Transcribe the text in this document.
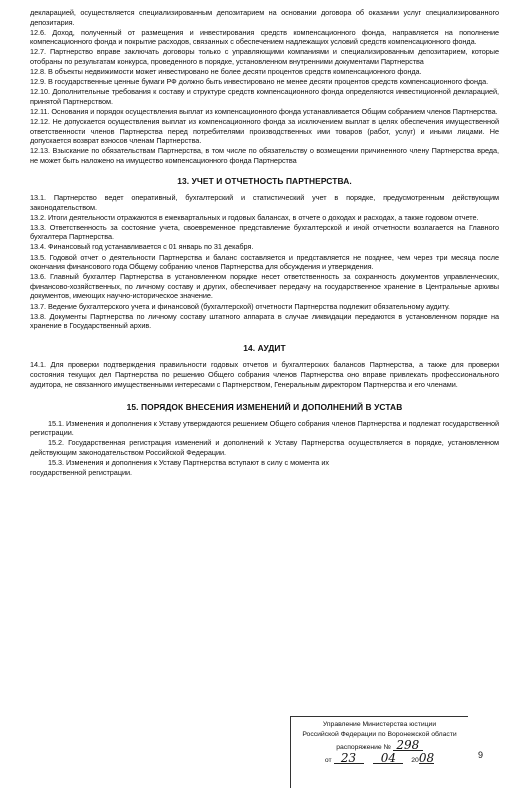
декларацией, осуществляется специализированным депозитарием на основании договора об оказании услуг специализированного депозитария.

12.6. Доход, полученный от размещения и инвестирования средств компенсационного фонда, направляется на пополнение компенсационного фонда и покрытие расходов, связанных с обеспечением надлежащих условий средств компенсационного фонда.

12.7. Партнерство вправе заключать договоры только с управляющими компаниями и специализированным депозитарием, которые отобраны по результатам конкурса, проведенного в порядке, установленном внутренними документами Партнерства

12.8. В объекты недвижимости может инвестировано не более десяти процентов средств компенсационного фонда.

12.9. В государственные ценные бумаги РФ должно быть инвестировано не менее десяти процентов средств компенсационного фонда.

12.10. Дополнительные требования к составу и структуре средств компенсационного фонда определяются инвестиционной декларацией, принятой Партнерством.

12.11. Основания и порядок осуществления выплат из компенсационного фонда устанавливается Общим собранием членов Партнерства.

12.12. Не допускается осуществления выплат из компенсационного фонда за исключением выплат в целях обеспечения имущественной ответственности членов Партнерства перед потребителями производственных ими товаров (работ, услуг) и иными лицами. Не допускается возврат взносов членам Партнерства.

12.13. Взыскание по обязательствам Партнерства, в том числе по обязательству о возмещении причиненного члену Партнерства вреда, не может быть наложено на имущество компенсационного фонда Партнерства

13. УЧЕТ И ОТЧЕТНОСТЬ ПАРТНЕРСТВА.

13.1. Партнерство ведет оперативный, бухгалтерский и статистический учет в порядке, предусмотренным действующим законодательством.

13.2. Итоги деятельности отражаются в ежеквартальных и годовых балансах, в отчете о доходах и расходах, а также годовом отчете.

13.3. Ответственность за состояние учета, своевременное представление бухгалтерской и иной отчетности возлагается на Главного бухгалтера Партнерства.

13.4. Финансовый год устанавливается с 01 январь по 31 декабря.

13.5. Годовой отчет о деятельности Партнерства и баланс составляется и представляется не позднее, чем через три месяца после окончания финансового года Общему собранию членов Партнерства для обсуждения и утверждения.

13.6. Главный бухгалтер Партнерства в установленном порядке несет ответственность за сохранность документов управленческих, финансово-хозяйственных, по личному составу и других, обеспечивает передачу на государственное хранение в Центральные архивы документов, имеющих научно-историческое значение.

13.7. Ведение бухгалтерского учета и финансовой (бухгалтерской) отчетности Партнерства подлежит обязательному аудиту.

13.8. Документы Партнерства по личному составу штатного аппарата в случае ликвидации передаются в установленном порядке на хранение в Государственный архив.

14. АУДИТ

14.1. Для проверки подтверждения правильности годовых отчетов и бухгалтерских балансов Партнерства, а также для проверки состояния текущих дел Партнерства по решению Общего собрания членов Партнерства оно вправе привлекать профессионального аудитора, не связанного имущественными интересами с Партнерством, Генеральным директором Партнерства и его членами.

15. ПОРЯДОК ВНЕСЕНИЯ ИЗМЕНЕНИЙ И ДОПОЛНЕНИЙ В УСТАВ

15.1. Изменения и дополнения к Уставу утверждаются решением Общего собрания членов Партнерства и подлежат государственной регистрации.

15.2. Государственная регистрация изменений и дополнений к Уставу Партнерства осуществляется в порядке, установленном действующим законодательством Российской Федерации.

15.3. Изменения и дополнения к Уставу Партнерства вступают в силу с момента их государственной регистрации.

Управление Министерства юстиции
Российской Федерации по Воронежской области
распоряжение № 298
от 23 04 2008	9
